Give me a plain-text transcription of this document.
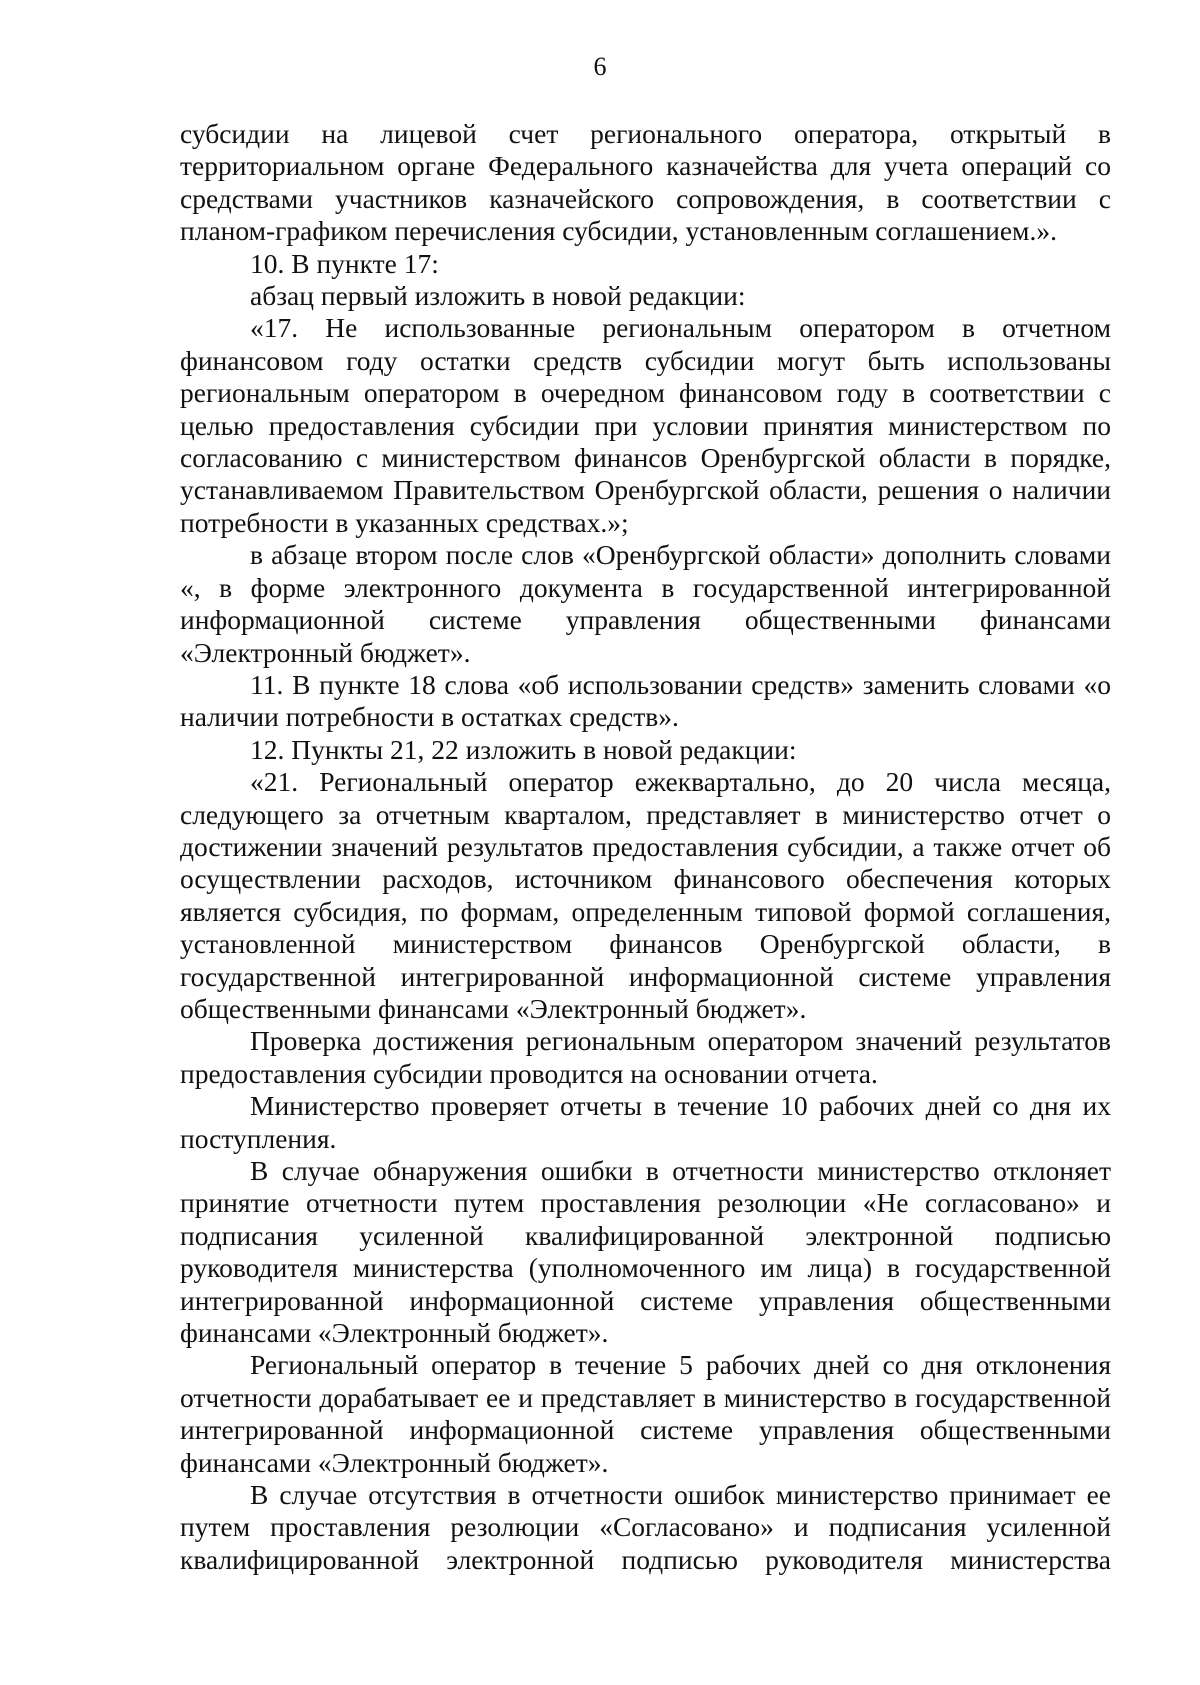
6

субсидии на лицевой счет регионального оператора, открытый в территориальном органе Федерального казначейства для учета операций со средствами участников казначейского сопровождения, в соответствии с планом-графиком перечисления субсидии, установленным соглашением.».

10. В пункте 17:

абзац первый изложить в новой редакции:

«17. Не использованные региональным оператором в отчетном финансовом году остатки средств субсидии могут быть использованы региональным оператором в очередном финансовом году в соответствии с целью предоставления субсидии при условии принятия министерством по согласованию с министерством финансов Оренбургской области в порядке, устанавливаемом Правительством Оренбургской области, решения о наличии потребности в указанных средствах.»;

в абзаце втором после слов «Оренбургской области» дополнить словами «, в форме электронного документа в государственной интегрированной информационной системе управления общественными финансами «Электронный бюджет».

11. В пункте 18 слова «об использовании средств» заменить словами «о наличии потребности в остатках средств».

12. Пункты 21, 22 изложить в новой редакции:

«21. Региональный оператор ежеквартально, до 20 числа месяца, следующего за отчетным кварталом, представляет в министерство отчет о достижении значений результатов предоставления субсидии, а также отчет об осуществлении расходов, источником финансового обеспечения которых является субсидия, по формам, определенным типовой формой соглашения, установленной министерством финансов Оренбургской области, в государственной интегрированной информационной системе управления общественными финансами «Электронный бюджет».

Проверка достижения региональным оператором значений результатов предоставления субсидии проводится на основании отчета.

Министерство проверяет отчеты в течение 10 рабочих дней со дня их поступления.

В случае обнаружения ошибки в отчетности министерство отклоняет принятие отчетности путем проставления резолюции «Не согласовано» и подписания усиленной квалифицированной электронной подписью руководителя министерства (уполномоченного им лица) в государственной интегрированной информационной системе управления общественными финансами «Электронный бюджет».

Региональный оператор в течение 5 рабочих дней со дня отклонения отчетности дорабатывает ее и представляет в министерство в государственной интегрированной информационной системе управления общественными финансами «Электронный бюджет».

В случае отсутствия в отчетности ошибок министерство принимает ее путем проставления резолюции «Согласовано» и подписания усиленной квалифицированной электронной подписью руководителя министерства
